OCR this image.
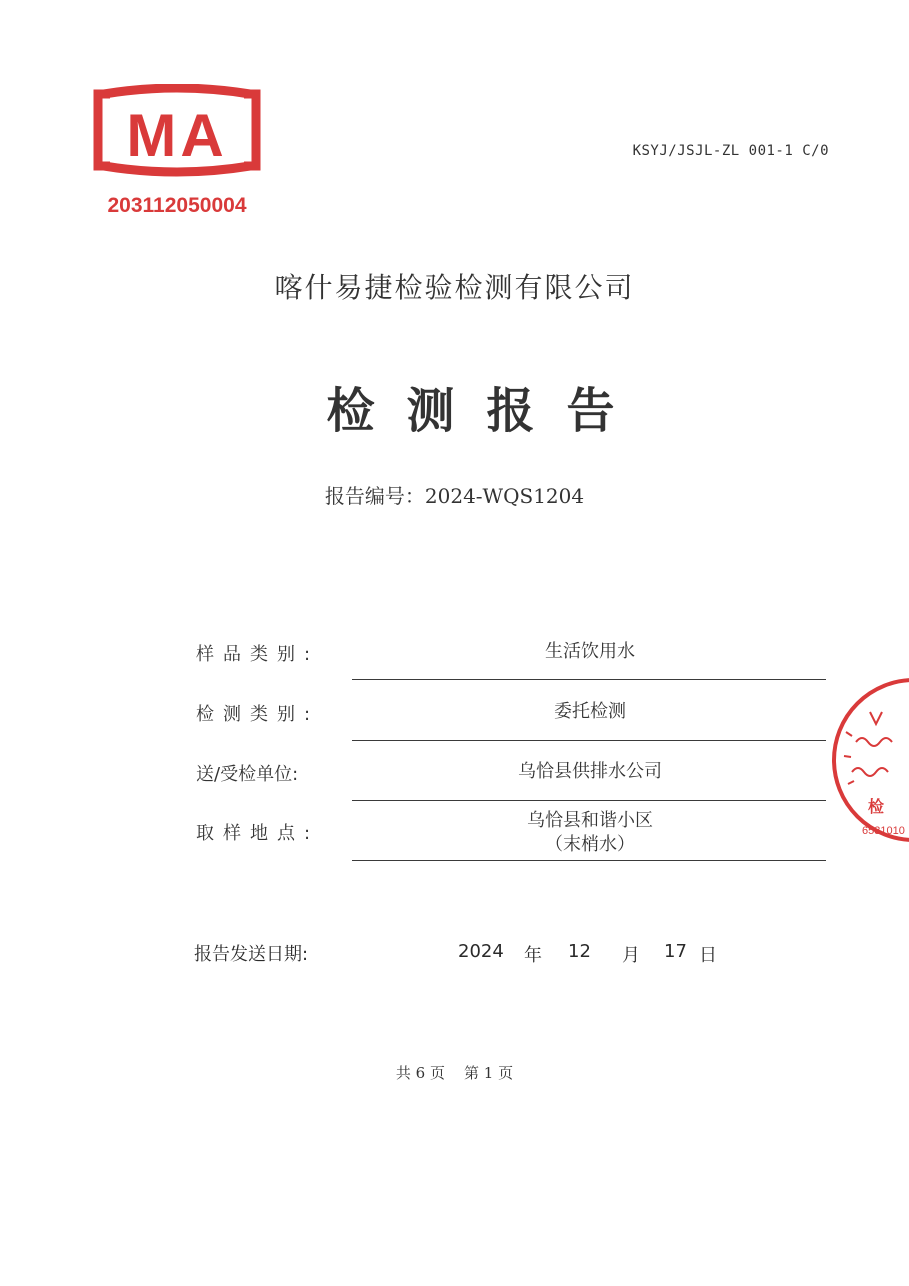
MA
203112050004
KSYJ/JSJL-ZL 001-1 C/0
喀什易捷检验检测有限公司
检测报告
报告编号：2024-WQS1204
样品类别:	生活饮用水
检测类别:	委托检测
送/受检单位:	乌恰县供排水公司
取样地点:
乌恰县和谐小区
（末梢水）
报告发送日期:	2024 年 12 月 17 日
共 6 页    第 1 页
检
6531010
